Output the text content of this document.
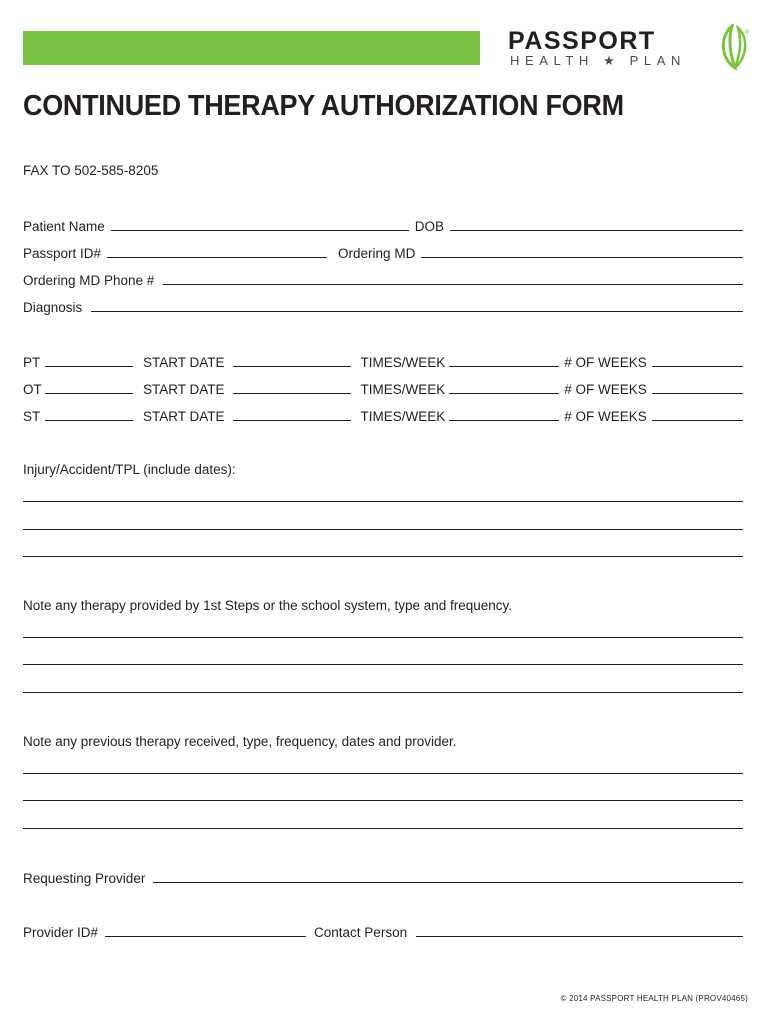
PASSPORT
HEALTH ★ PLAN
®
CONTINUED THERAPY AUTHORIZATION FORM
FAX TO 502-585-8205
Patient Name	DOB
Passport ID#	Ordering MD
Ordering MD Phone #
Diagnosis
PT	START DATE	TIMES/WEEK	# OF WEEKS
OT	START DATE	TIMES/WEEK	# OF WEEKS
ST	START DATE	TIMES/WEEK	# OF WEEKS
Injury/Accident/TPL (include dates):
Note any therapy provided by 1st Steps or the school system, type and frequency.
Note any previous therapy received, type, frequency, dates and provider.
Requesting Provider
Provider ID#	Contact Person
© 2014 PASSPORT HEALTH PLAN (PROV40465)
